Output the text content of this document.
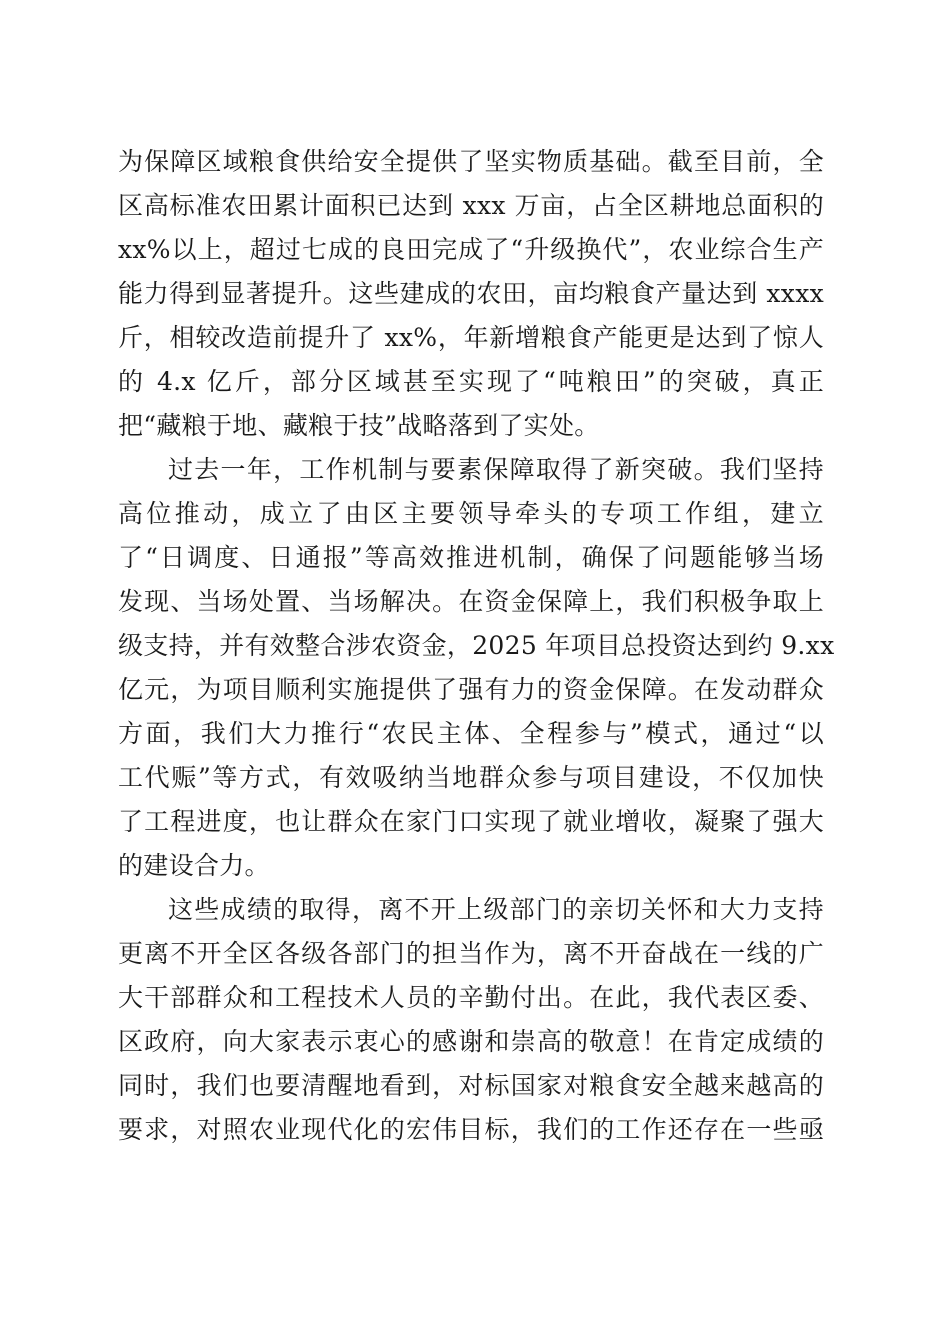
为保障区域粮食供给安全提供了坚实物质基础。截至目前，全
区高标准农田累计面积已达到 xxx 万亩，占全区耕地总面积的
xx%以上，超过七成的良田完成了“升级换代”，农业综合生产
能力得到显著提升。这些建成的农田，亩均粮食产量达到 xxxx
斤，相较改造前提升了 xx%，年新增粮食产能更是达到了惊人
的 4.x 亿斤，部分区域甚至实现了“吨粮田”的突破，真正
把“藏粮于地、藏粮于技”战略落到了实处。
过去一年，工作机制与要素保障取得了新突破。我们坚持
高位推动，成立了由区主要领导牵头的专项工作组，建立
了“日调度、日通报”等高效推进机制，确保了问题能够当场
发现、当场处置、当场解决。在资金保障上，我们积极争取上
级支持，并有效整合涉农资金，2025 年项目总投资达到约 9.xx
亿元，为项目顺利实施提供了强有力的资金保障。在发动群众
方面，我们大力推行“农民主体、全程参与”模式，通过“以
工代赈”等方式，有效吸纳当地群众参与项目建设，不仅加快
了工程进度，也让群众在家门口实现了就业增收，凝聚了强大
的建设合力。
这些成绩的取得，离不开上级部门的亲切关怀和大力支持
更离不开全区各级各部门的担当作为，离不开奋战在一线的广
大干部群众和工程技术人员的辛勤付出。在此，我代表区委、
区政府，向大家表示衷心的感谢和崇高的敬意！在肯定成绩的
同时，我们也要清醒地看到，对标国家对粮食安全越来越高的
要求，对照农业现代化的宏伟目标，我们的工作还存在一些亟
